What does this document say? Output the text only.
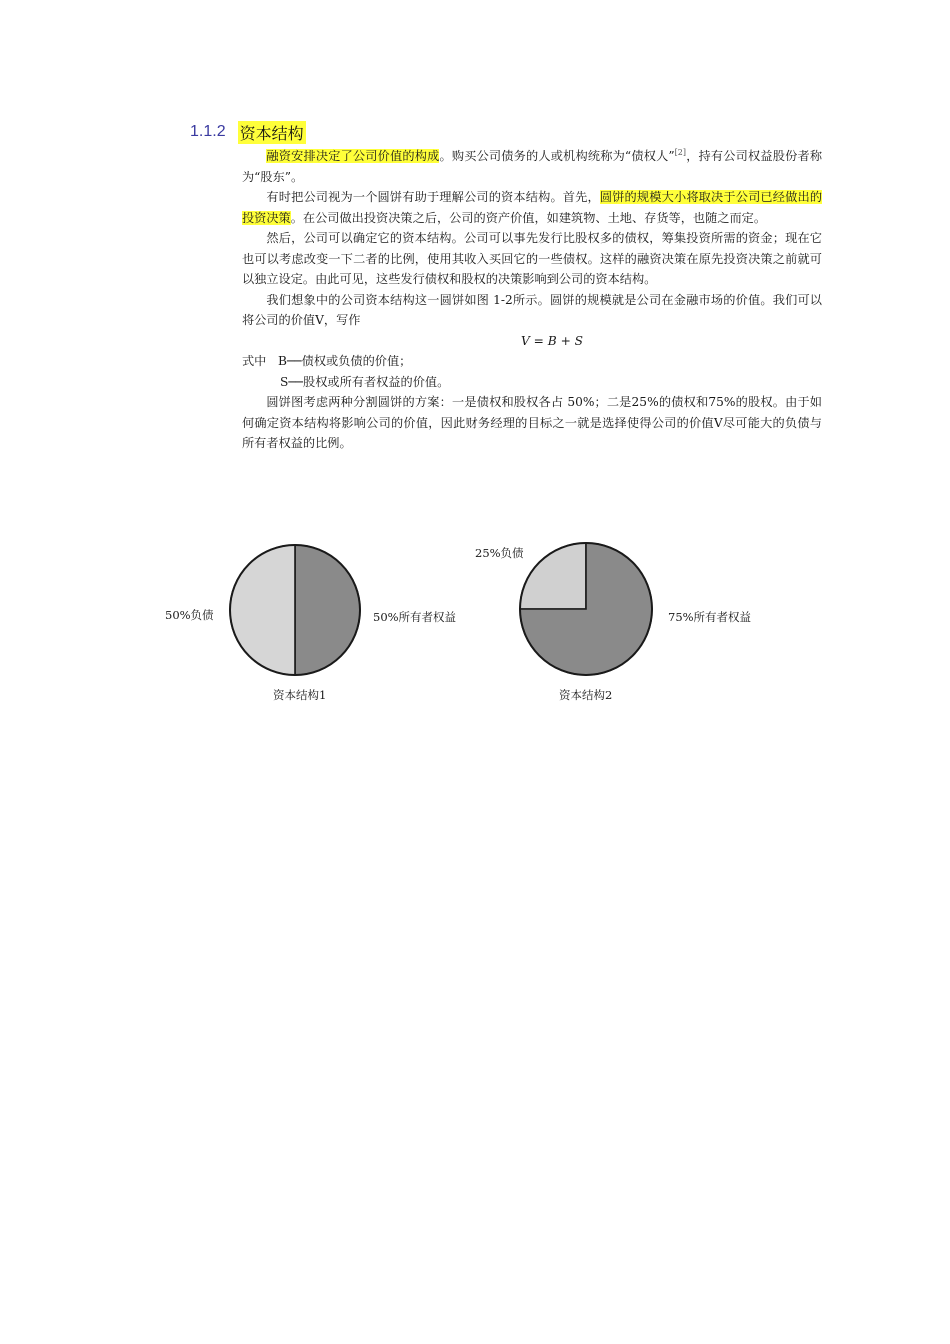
1.1.2 资本结构

融资安排决定了公司价值的构成。购买公司债务的人或机构统称为“债权人”[2]，持有公司权益股份者称为“股东”。

有时把公司视为一个圆饼有助于理解公司的资本结构。首先，圆饼的规模大小将取决于公司已经做出的投资决策。在公司做出投资决策之后，公司的资产价值，如建筑物、土地、存货等，也随之而定。

然后，公司可以确定它的资本结构。公司可以事先发行比股权多的债权，筹集投资所需的资金；现在它也可以考虑改变一下二者的比例，使用其收入买回它的一些债权。这样的融资决策在原先投资决策之前就可以独立设定。由此可见，这些发行债权和股权的决策影响到公司的资本结构。

我们想象中的公司资本结构这一圆饼如图 1-2所示。圆饼的规模就是公司在金融市场的价值。我们可以将公司的价值V，写作

V = B + S

式中 B──债权或负债的价值；

S──股权或所有者权益的价值。

圆饼图考虑两种分割圆饼的方案：一是债权和股权各占 50%；二是25%的债权和75%的股权。由于如何确定资本结构将影响公司的价值，因此财务经理的目标之一就是选择使得公司的价值V尽可能大的负债与所有者权益的比例。

50%负债	50%所有者权益
资本结构1
25%负债
75%所有者权益
资本结构2
